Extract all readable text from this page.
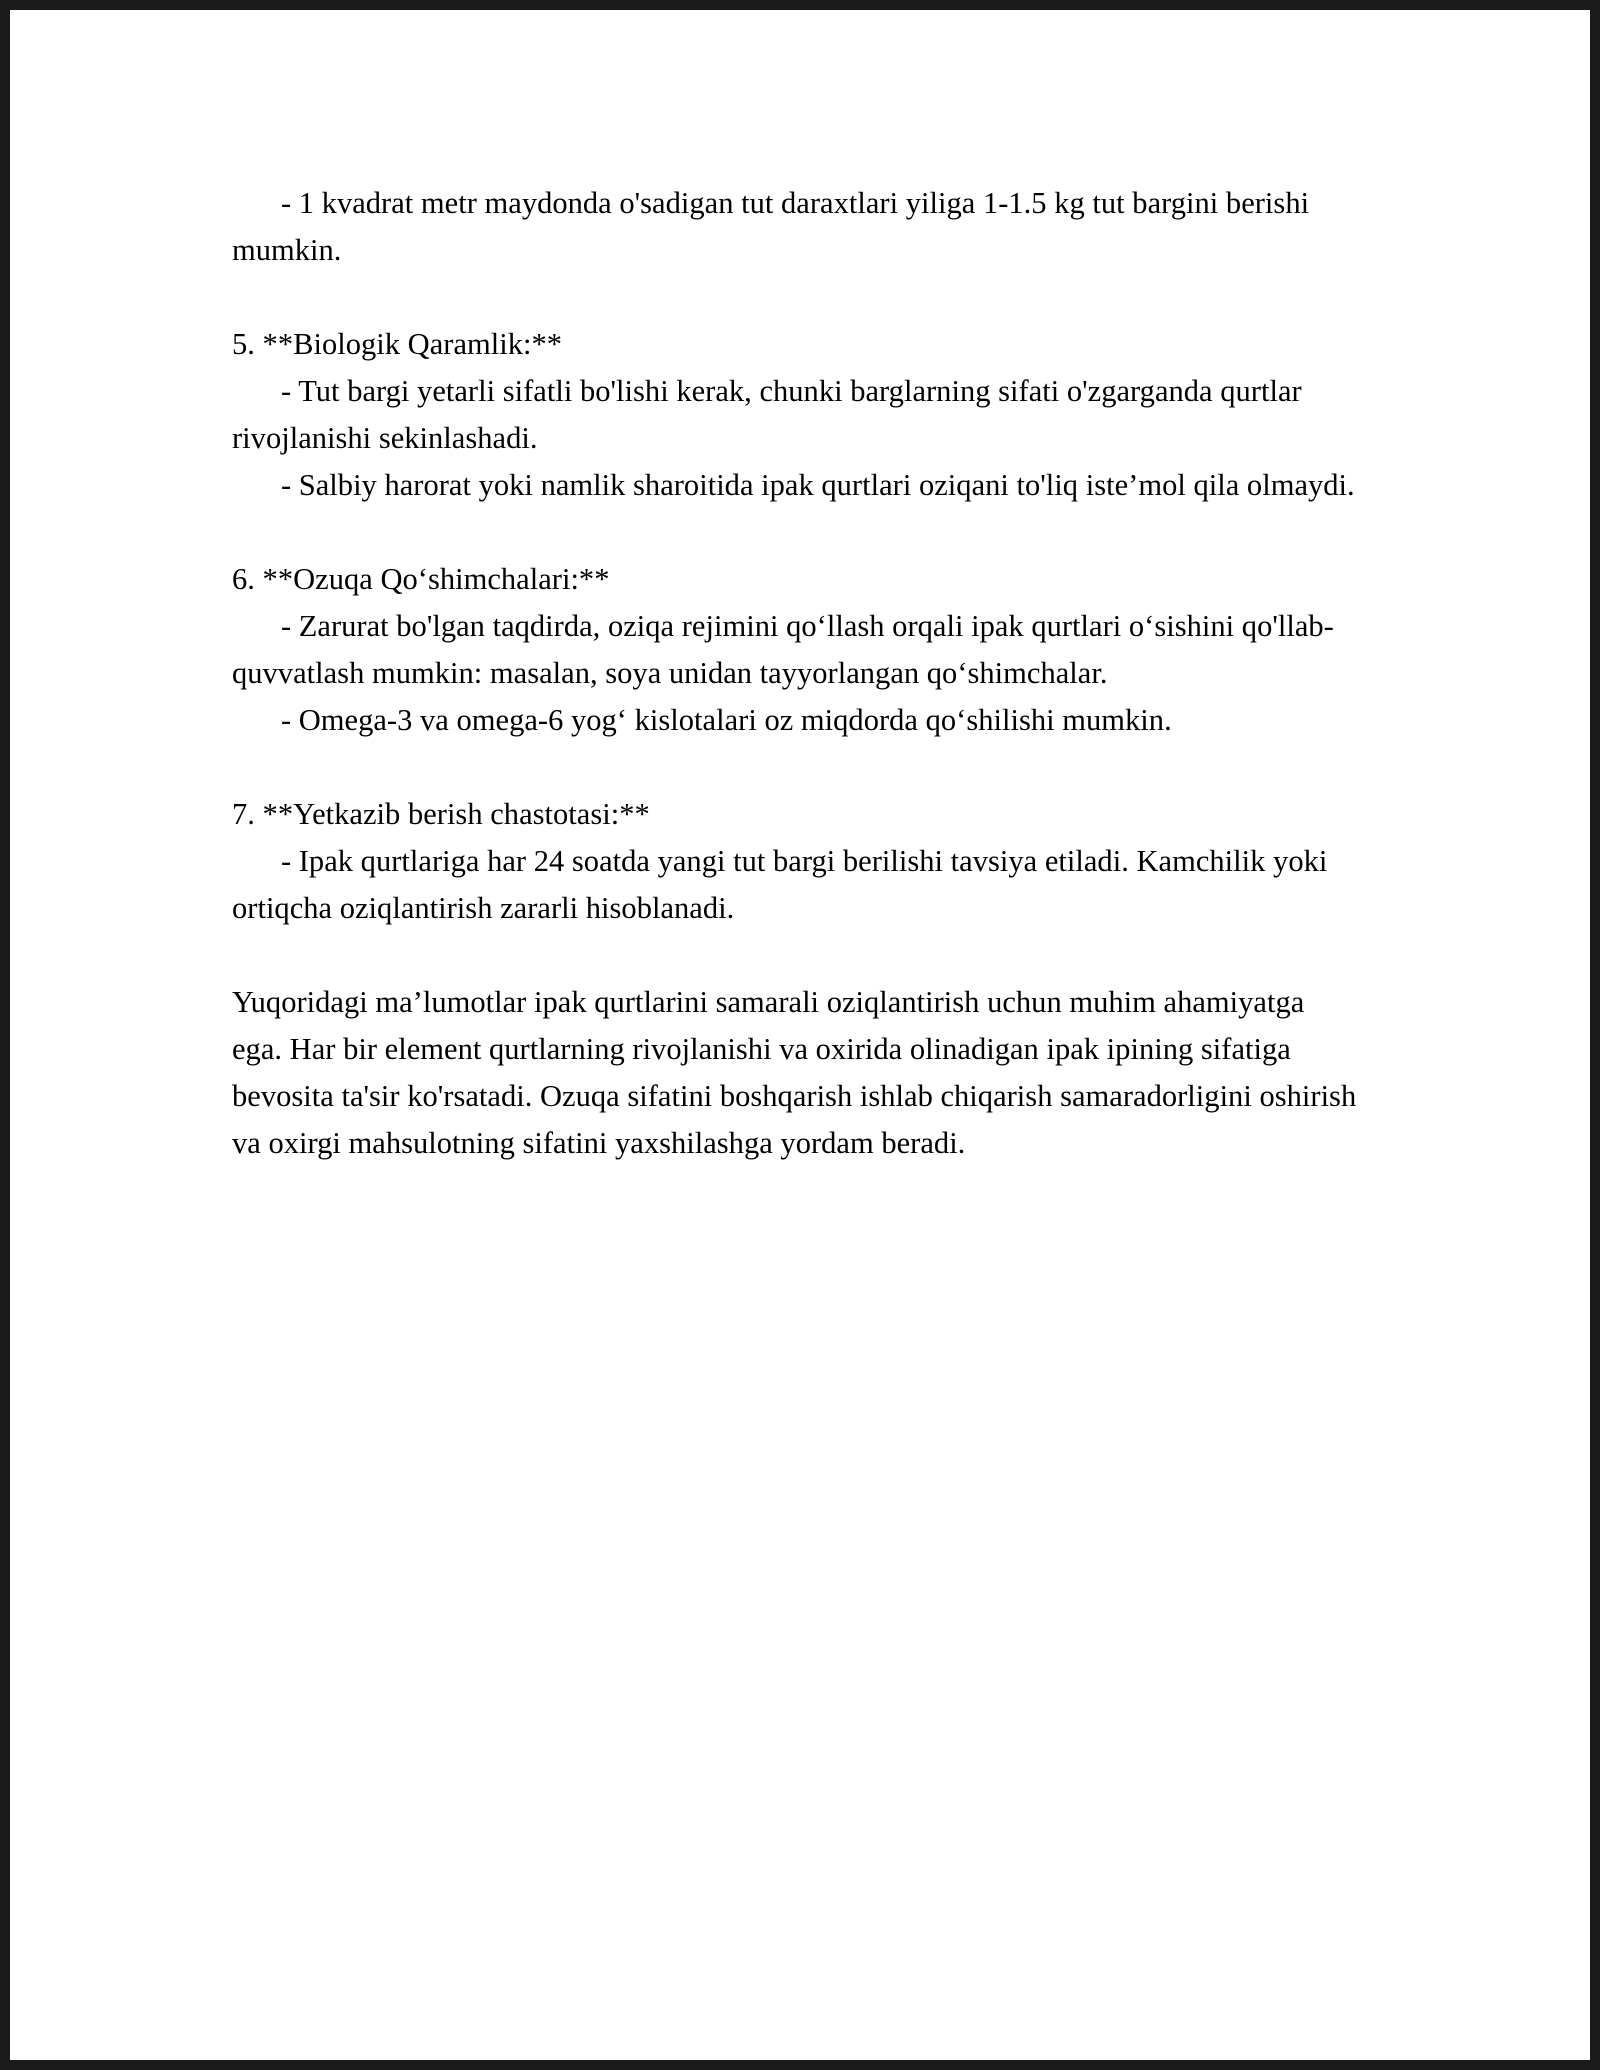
- 1 kvadrat metr maydonda o'sadigan tut daraxtlari yiliga 1-1.5 kg tut bargini berishi mumkin.

5. **Biologik Qaramlik:**

- Tut bargi yetarli sifatli bo'lishi kerak, chunki barglarning sifati o'zgarganda qurtlar rivojlanishi sekinlashadi.

- Salbiy harorat yoki namlik sharoitida ipak qurtlari oziqani to'liq iste’mol qila olmaydi.

6. **Ozuqa Qo‘shimchalari:**

- Zarurat bo'lgan taqdirda, oziqa rejimini qo‘llash orqali ipak qurtlari o‘sishini qo'llab-quvvatlash mumkin: masalan, soya unidan tayyorlangan qo‘shimchalar.

- Omega-3 va omega-6 yog‘ kislotalari oz miqdorda qo‘shilishi mumkin.

7. **Yetkazib berish chastotasi:**

- Ipak qurtlariga har 24 soatda yangi tut bargi berilishi tavsiya etiladi. Kamchilik yoki ortiqcha oziqlantirish zararli hisoblanadi.

Yuqoridagi ma’lumotlar ipak qurtlarini samarali oziqlantirish uchun muhim ahamiyatga ega. Har bir element qurtlarning rivojlanishi va oxirida olinadigan ipak ipining sifatiga bevosita ta'sir ko'rsatadi. Ozuqa sifatini boshqarish ishlab chiqarish samaradorligini oshirish va oxirgi mahsulotning sifatini yaxshilashga yordam beradi.
